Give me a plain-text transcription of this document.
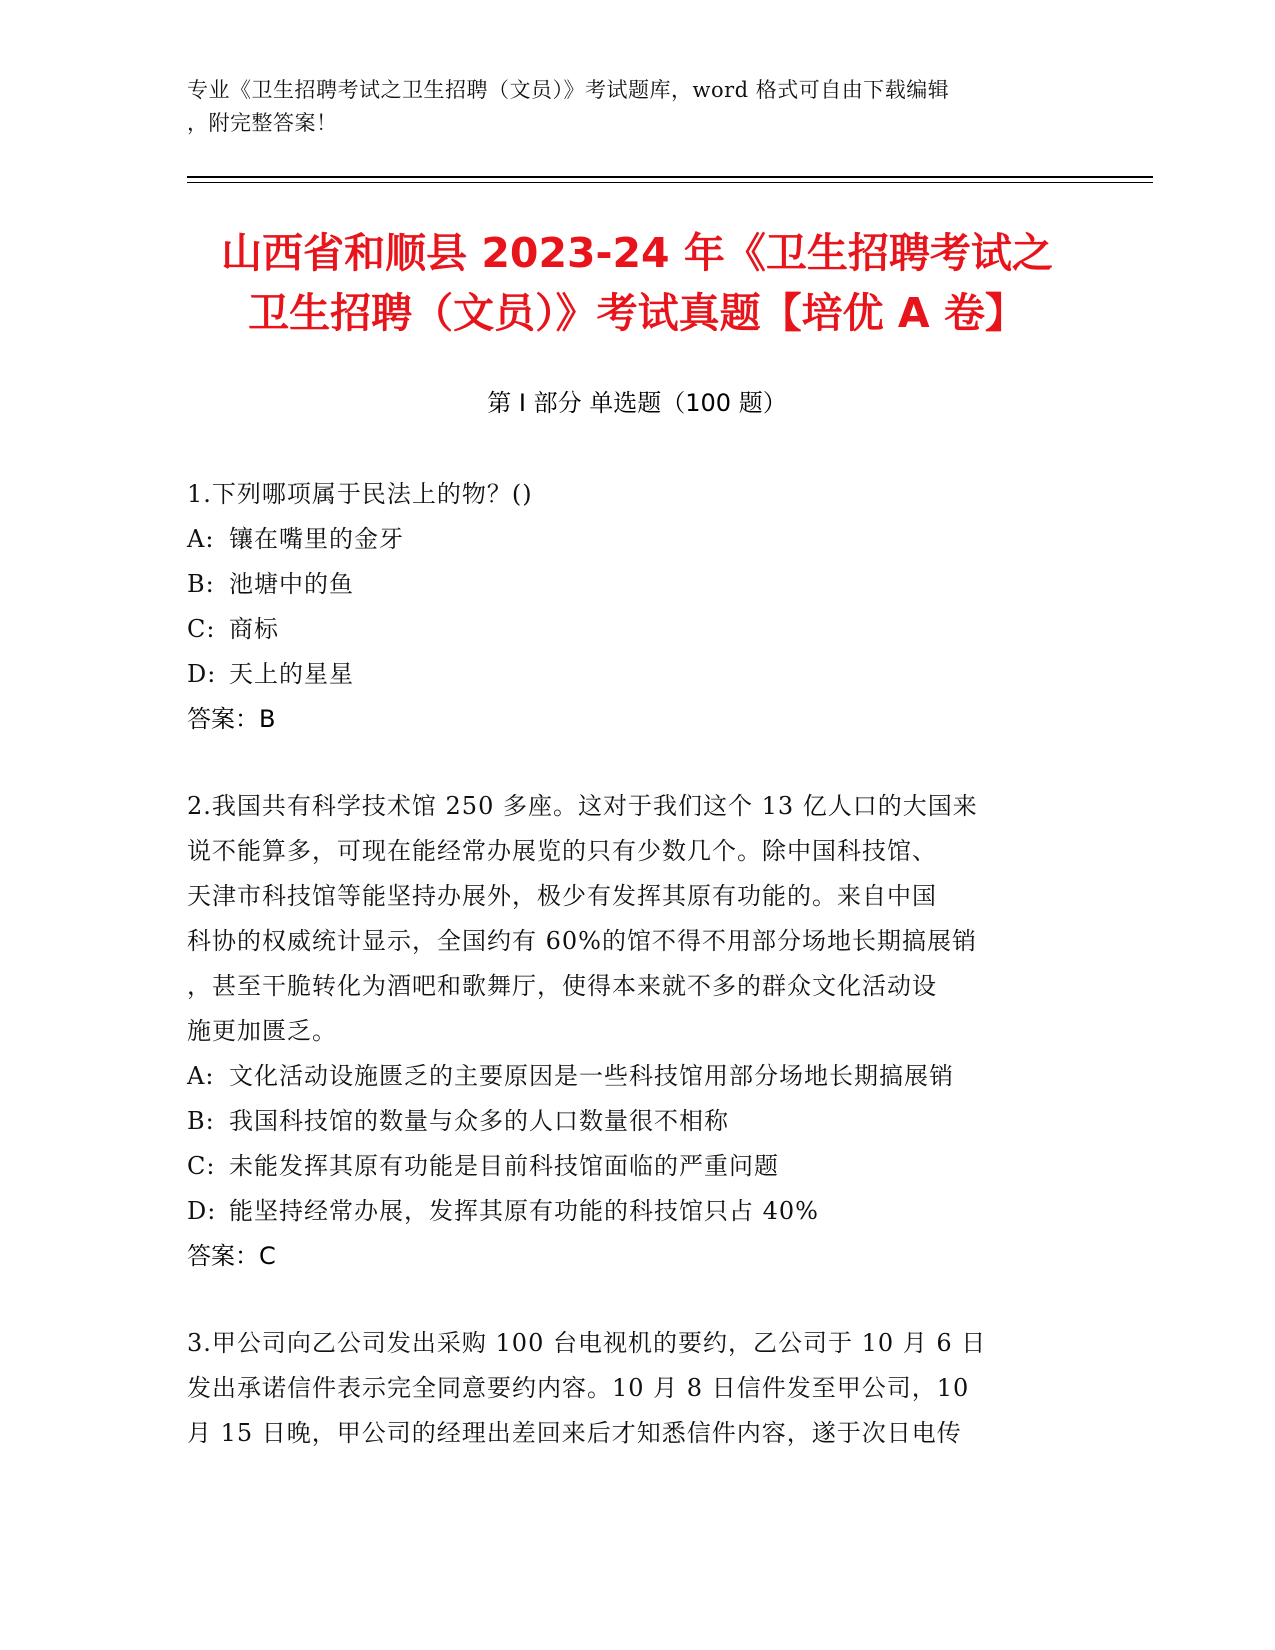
专业《卫生招聘考试之卫生招聘（文员）》考试题库，word 格式可自由下载编辑
，附完整答案！
山西省和顺县 2023-24 年《卫生招聘考试之
卫生招聘（文员）》考试真题【培优 A 卷】
第 I 部分 单选题（100 题）
1.下列哪项属于民法上的物？()
A: 镶在嘴里的金牙
B: 池塘中的鱼
C: 商标
D: 天上的星星
答案：B
2.我国共有科学技术馆 250 多座。这对于我们这个 13 亿人口的大国来
说不能算多，可现在能经常办展览的只有少数几个。除中国科技馆、
天津市科技馆等能坚持办展外，极少有发挥其原有功能的。来自中国
科协的权威统计显示，全国约有 60%的馆不得不用部分场地长期搞展销
，甚至干脆转化为酒吧和歌舞厅，使得本来就不多的群众文化活动设
施更加匮乏。
A: 文化活动设施匮乏的主要原因是一些科技馆用部分场地长期搞展销
B: 我国科技馆的数量与众多的人口数量很不相称
C: 未能发挥其原有功能是目前科技馆面临的严重问题
D: 能坚持经常办展，发挥其原有功能的科技馆只占 40%
答案：C
3.甲公司向乙公司发出采购 100 台电视机的要约，乙公司于 10 月 6 日
发出承诺信件表示完全同意要约内容。10 月 8 日信件发至甲公司，10
月 15 日晚，甲公司的经理出差回来后才知悉信件内容，遂于次日电传
